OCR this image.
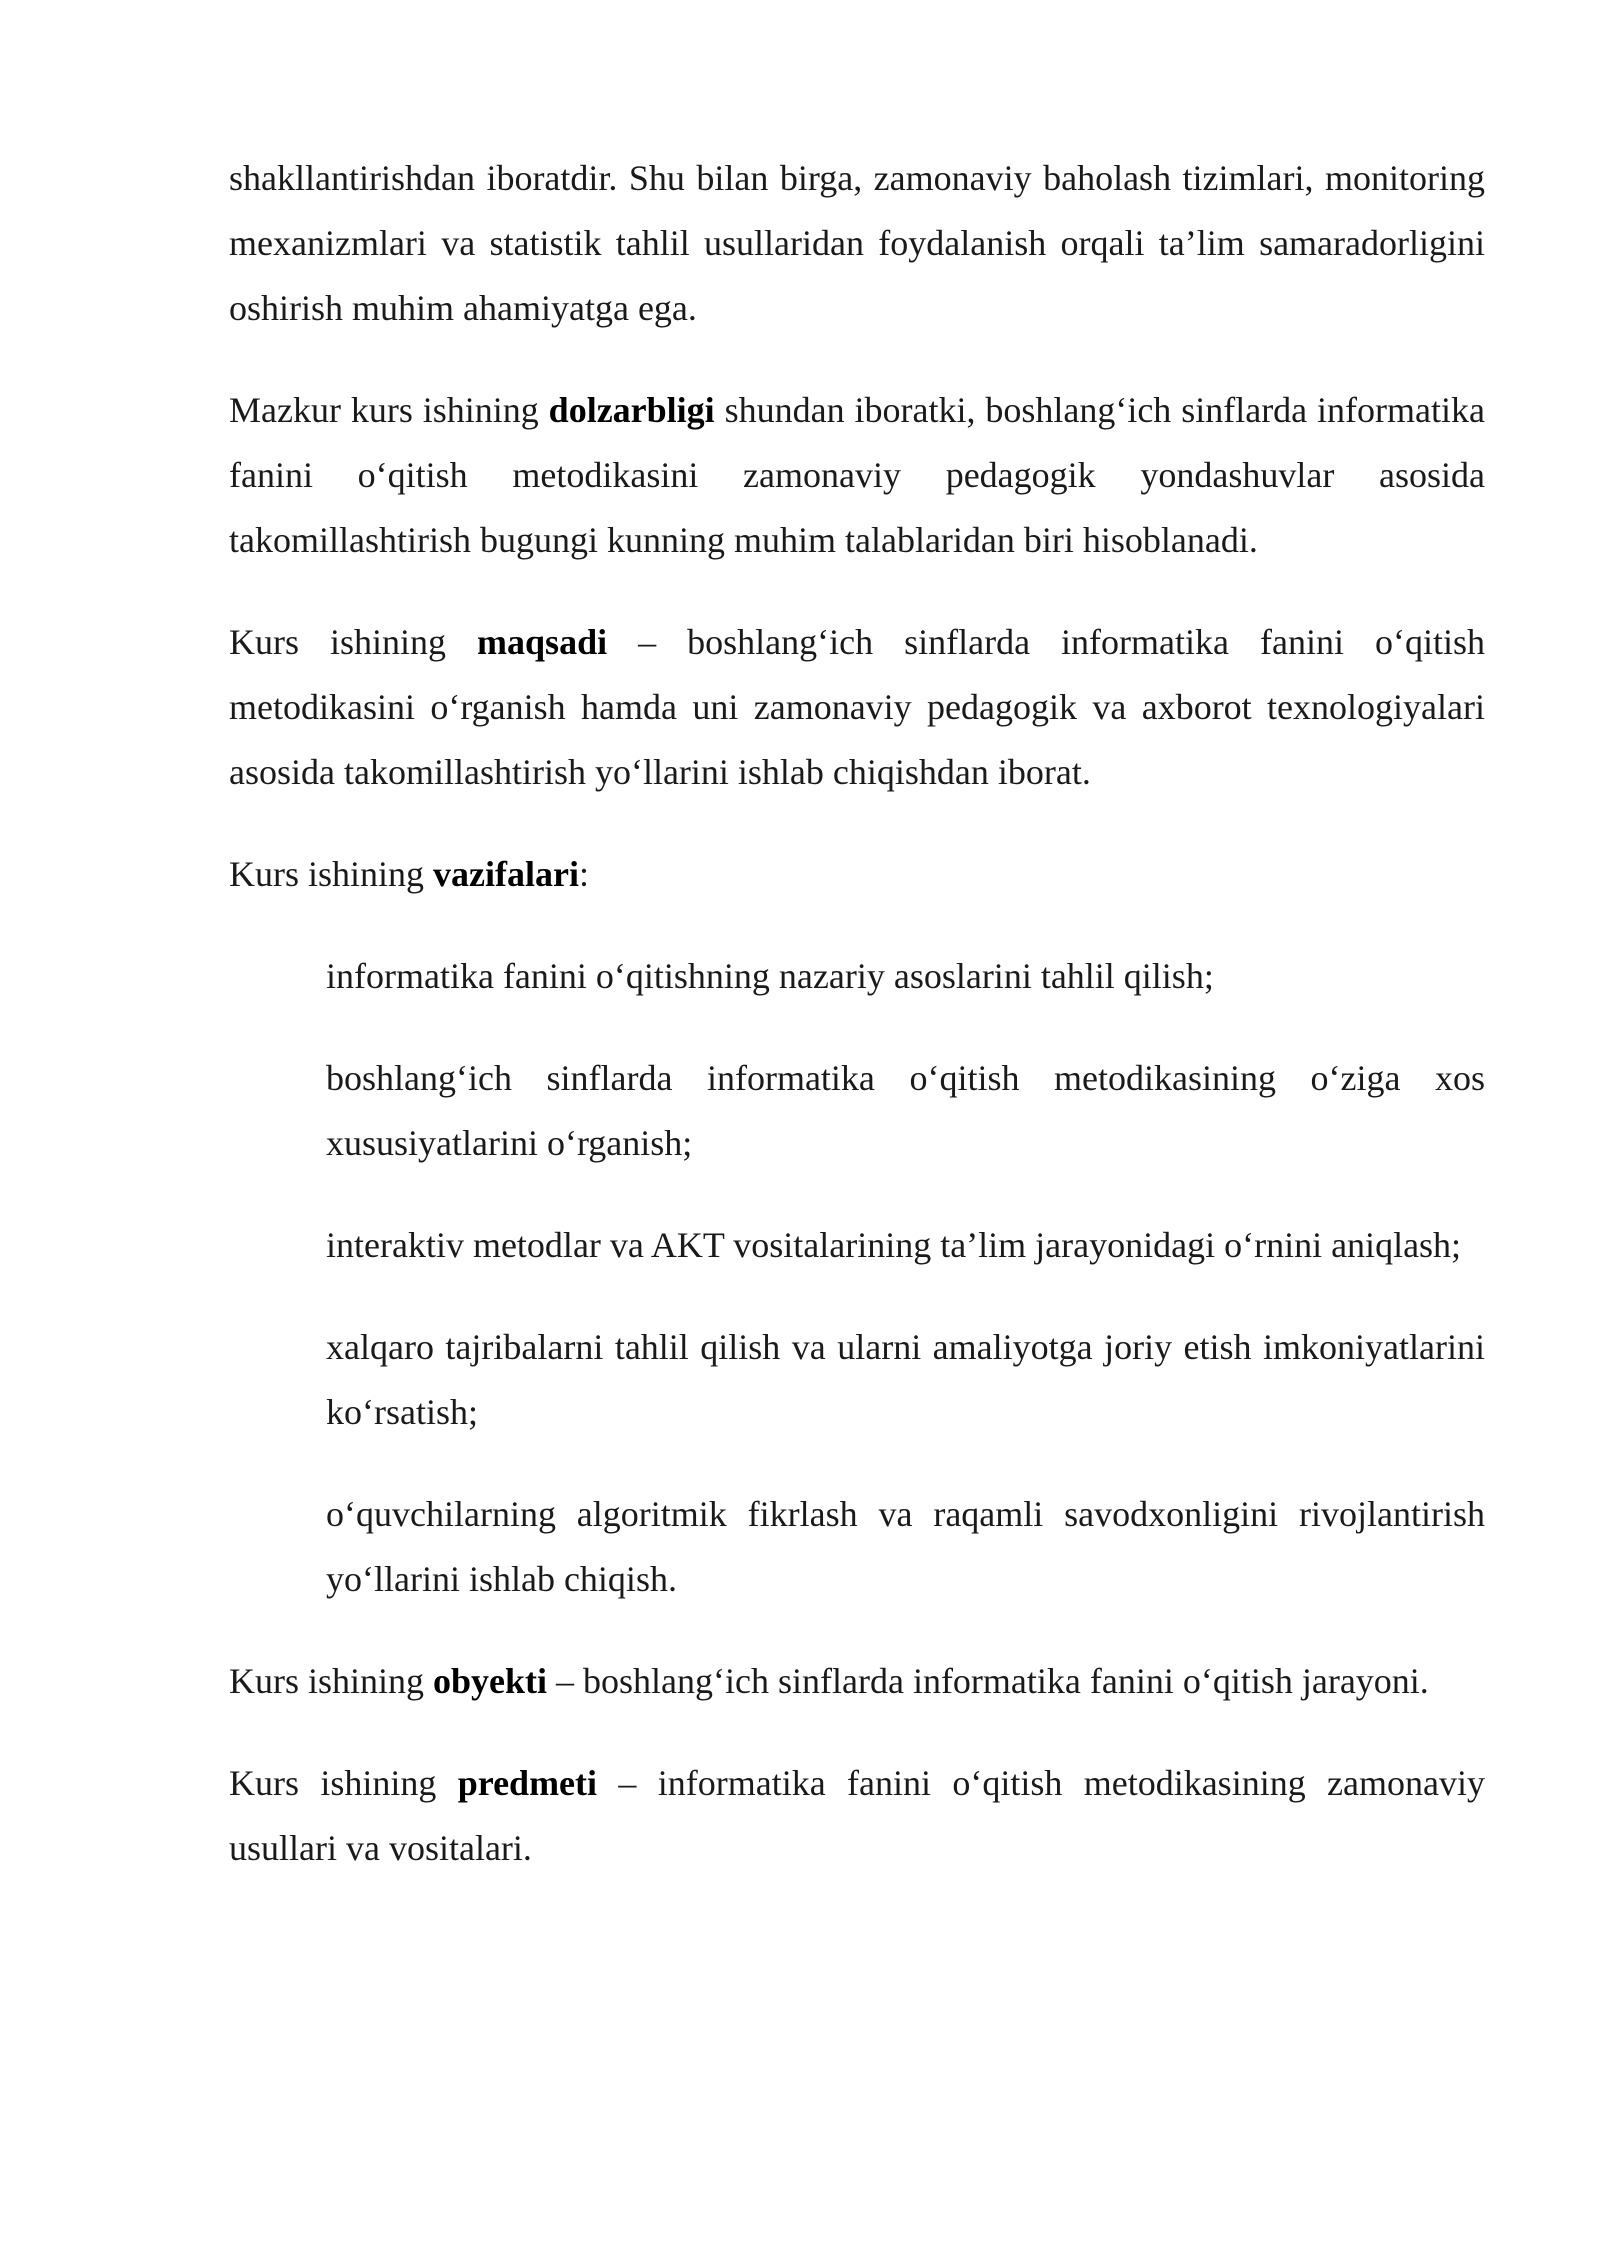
shakllantirishdan iboratdir. Shu bilan birga, zamonaviy baholash tizimlari, monitoring mexanizmlari va statistik tahlil usullaridan foydalanish orqali ta’lim samaradorligini oshirish muhim ahamiyatga ega.

Mazkur kurs ishining dolzarbligi shundan iboratki, boshlang‘ich sinflarda informatika fanini o‘qitish metodikasini zamonaviy pedagogik yondashuvlar asosida takomillashtirish bugungi kunning muhim talablaridan biri hisoblanadi.

Kurs ishining maqsadi – boshlang‘ich sinflarda informatika fanini o‘qitish metodikasini o‘rganish hamda uni zamonaviy pedagogik va axborot texnologiyalari asosida takomillashtirish yo‘llarini ishlab chiqishdan iborat.

Kurs ishining vazifalari:

informatika fanini o‘qitishning nazariy asoslarini tahlil qilish;

boshlang‘ich sinflarda informatika o‘qitish metodikasining o‘ziga xos xususiyatlarini o‘rganish;

interaktiv metodlar va AKT vositalarining ta’lim jarayonidagi o‘rnini aniqlash;

xalqaro tajribalarni tahlil qilish va ularni amaliyotga joriy etish imkoniyatlarini ko‘rsatish;

o‘quvchilarning algoritmik fikrlash va raqamli savodxonligini rivojlantirish yo‘llarini ishlab chiqish.

Kurs ishining obyekti – boshlang‘ich sinflarda informatika fanini o‘qitish jarayoni.

Kurs ishining predmeti – informatika fanini o‘qitish metodikasining zamonaviy usullari va vositalari.
